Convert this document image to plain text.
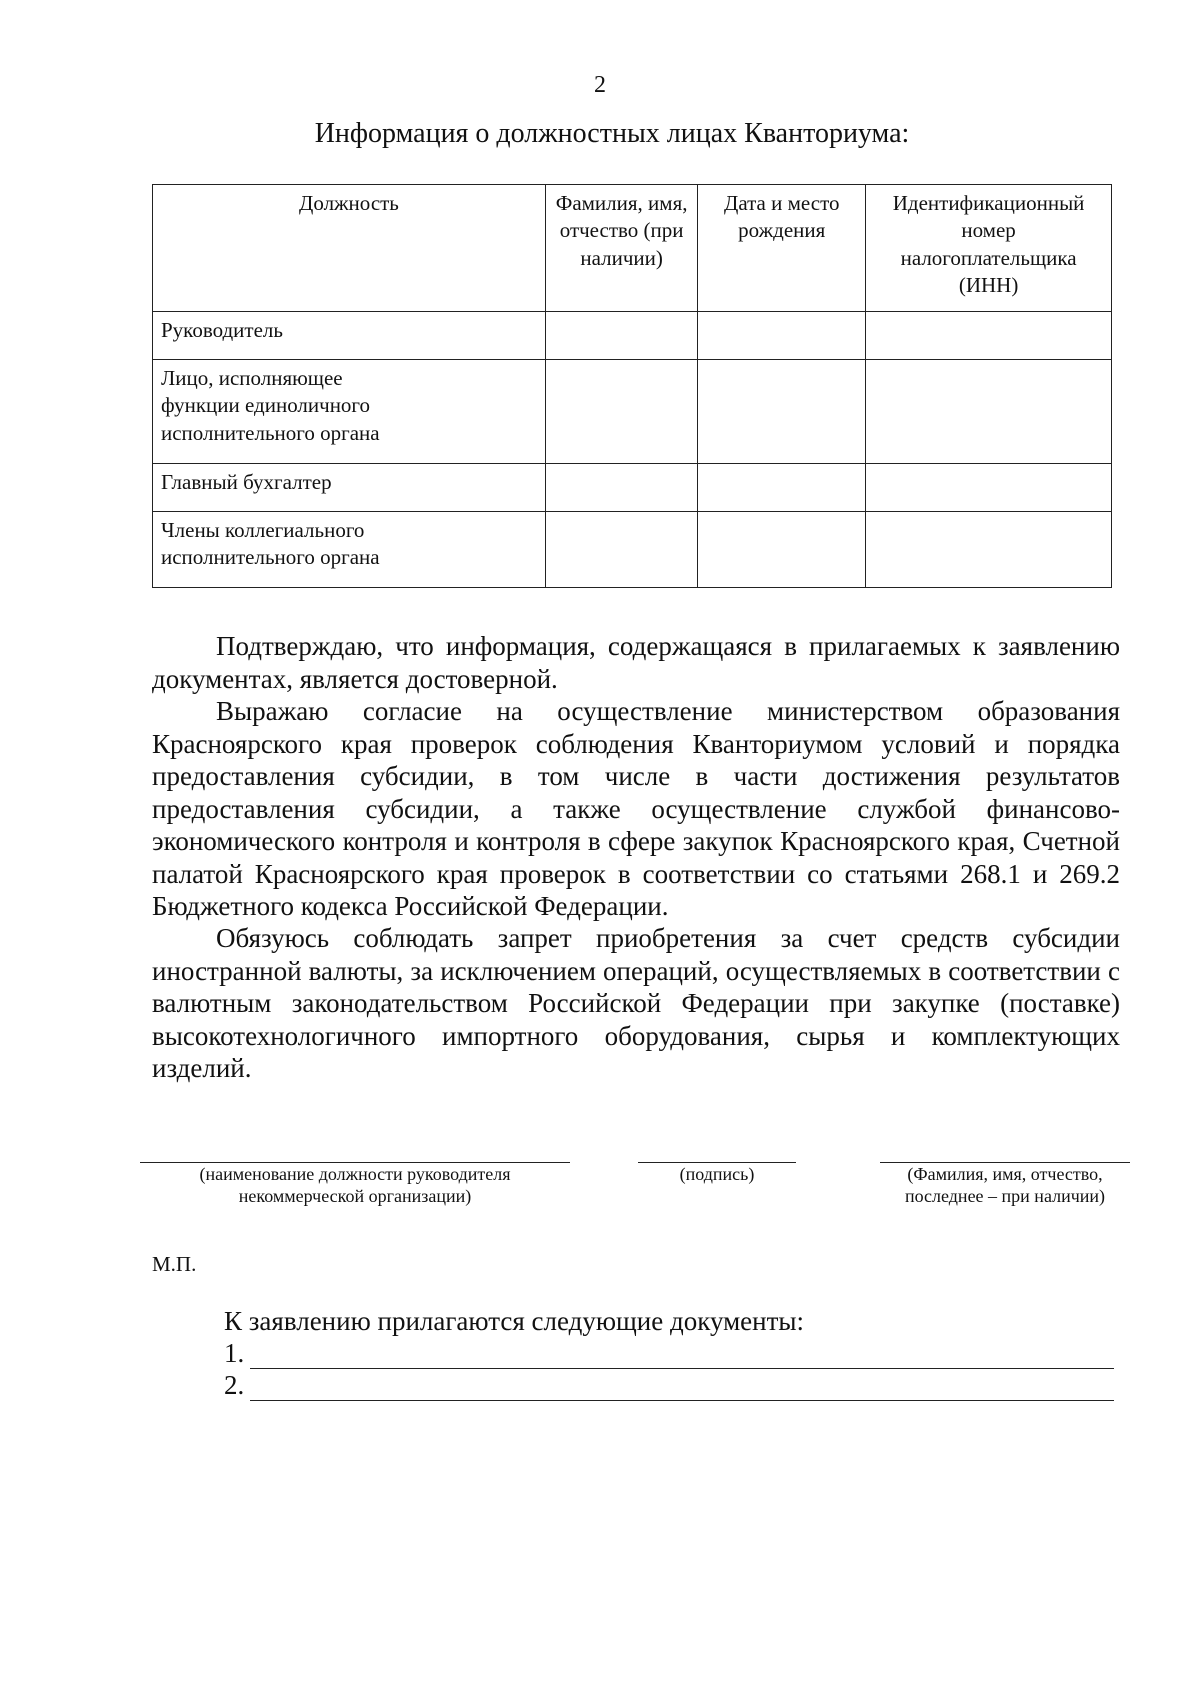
2
Информация о должностных лицах Кванториума:
Должность	Фамилия, имя, отчество (при наличии)	Дата и место рождения	Идентификационный номер налогоплательщика (ИНН)
Руководитель			
Лицо, исполняющее функции единоличного исполнительного органа			
Главный бухгалтер			
Члены коллегиального исполнительного органа			

Подтверждаю, что информация, содержащаяся в прилагаемых к заявлению документах, является достоверной.

Выражаю согласие на осуществление министерством образования Красноярского края проверок соблюдения Кванториумом условий и порядка предоставления субсидии, в том числе в части достижения результатов предоставления субсидии, а также осуществление службой финансово-экономического контроля и контроля в сфере закупок Красноярского края, Счетной палатой Красноярского края проверок в соответствии со статьями 268.1 и 269.2 Бюджетного кодекса Российской Федерации.

Обязуюсь соблюдать запрет приобретения за счет средств субсидии иностранной валюты, за исключением операций, осуществляемых в соответствии с валютным законодательством Российской Федерации при закупке (поставке) высокотехнологичного импортного оборудования, сырья и комплектующих изделий.

(наименование должности руководителя некоммерческой организации)
(подпись)	(Фамилия, имя, отчество, последнее – при наличии)
М.П.
К заявлению прилагаются следующие документы:
1.
2.
